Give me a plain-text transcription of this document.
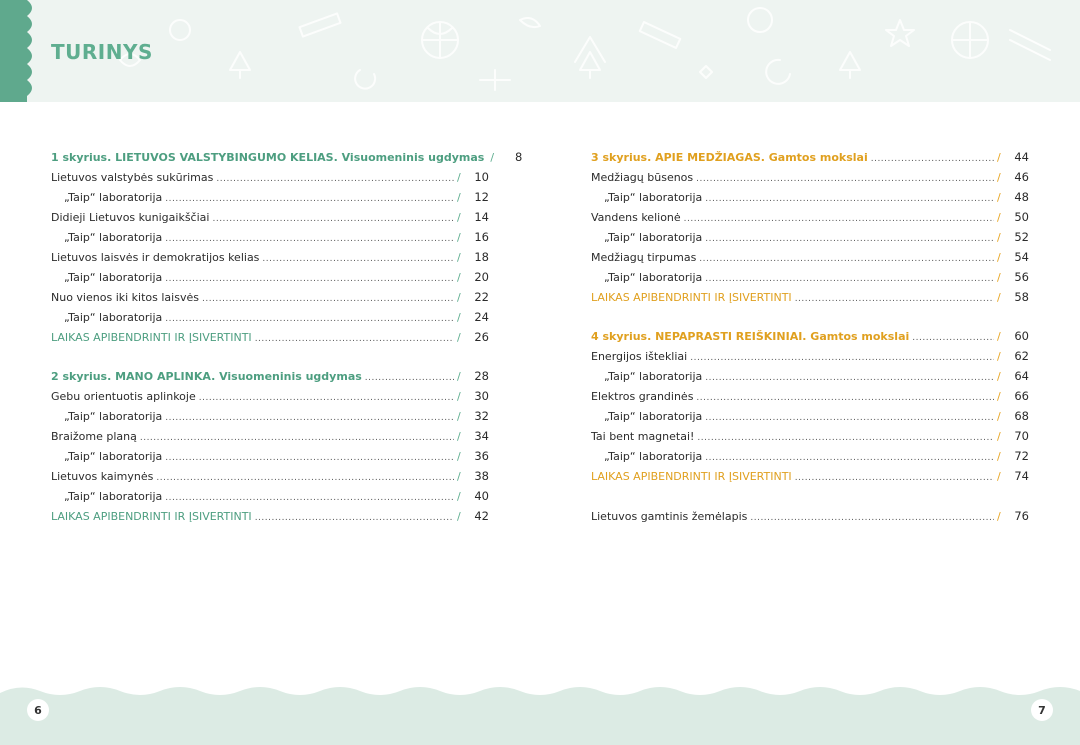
TURINYS
1 skyrius. LIETUVOS VALSTYBINGUMO KELIAS. Visuomeninis ugdymas /	8
Lietuvos valstybės sukūrimas .....	/	10
„Taip“ laboratorija .....	/	12
Didieji Lietuvos kunigaikščiai .....	/	14
„Taip“ laboratorija .....	/	16
Lietuvos laisvės ir demokratijos kelias .....	/	18
„Taip“ laboratorija .....	/	20
Nuo vienos iki kitos laisvės .....	/	22
„Taip“ laboratorija .....	/	24
LAIKAS APIBENDRINTI IR ĮSIVERTINTI .....	/	26
2 skyrius. MANO APLINKA. Visuomeninis ugdymas .....	/	28
Gebu orientuotis aplinkoje .....	/	30
„Taip“ laboratorija .....	/	32
Braižome planą .....	/	34
„Taip“ laboratorija .....	/	36
Lietuvos kaimynės .....	/	38
„Taip“ laboratorija .....	/	40
LAIKAS APIBENDRINTI IR ĮSIVERTINTI .....	/	42
3 skyrius. APIE MEDŽIAGAS. Gamtos mokslai .....	/	44
Medžiagų būsenos .....	/	46
„Taip“ laboratorija .....	/	48
Vandens kelionė .....	/	50
„Taip“ laboratorija .....	/	52
Medžiagų tirpumas .....	/	54
„Taip“ laboratorija .....	/	56
LAIKAS APIBENDRINTI IR ĮSIVERTINTI .....	/	58
4 skyrius. NEPAPRASTI REIŠKINIAI. Gamtos mokslai .....	/	60
Energijos ištekliai .....	/	62
„Taip“ laboratorija .....	/	64
Elektros grandinės .....	/	66
„Taip“ laboratorija .....	/	68
Tai bent magnetai! .....	/	70
„Taip“ laboratorija .....	/	72
LAIKAS APIBENDRINTI IR ĮSIVERTINTI .....	/	74
Lietuvos gamtinis žemėlapis .....	/	76
6	7
